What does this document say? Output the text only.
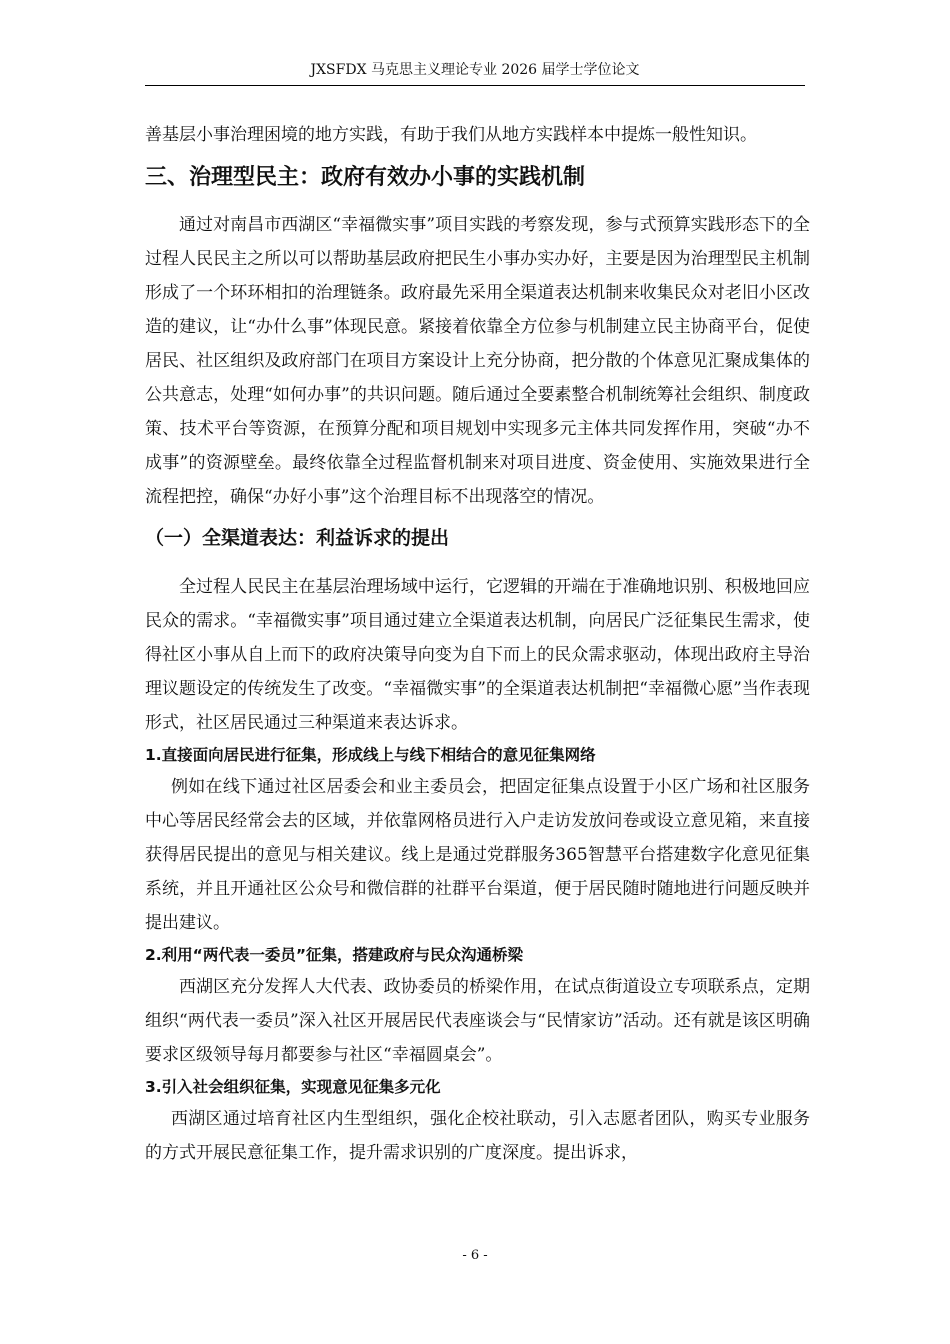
JXSFDX 马克思主义理论专业 2026 届学士学位论文

善基层小事治理困境的地方实践，有助于我们从地方实践样本中提炼一般性知识。

三、治理型民主：政府有效办小事的实践机制

通过对南昌市西湖区“幸福微实事”项目实践的考察发现，参与式预算实践形态下的全过程人民民主之所以可以帮助基层政府把民生小事办实办好，主要是因为治理型民主机制形成了一个环环相扣的治理链条。政府最先采用全渠道表达机制来收集民众对老旧小区改造的建议，让“办什么事”体现民意。紧接着依靠全方位参与机制建立民主协商平台，促使居民、社区组织及政府部门在项目方案设计上充分协商，把分散的个体意见汇聚成集体的公共意志，处理“如何办事”的共识问题。随后通过全要素整合机制统筹社会组织、制度政策、技术平台等资源，在预算分配和项目规划中实现多元主体共同发挥作用，突破“办不成事”的资源壁垒。最终依靠全过程监督机制来对项目进度、资金使用、实施效果进行全流程把控，确保“办好小事”这个治理目标不出现落空的情况。

（一）全渠道表达：利益诉求的提出

全过程人民民主在基层治理场域中运行，它逻辑的开端在于准确地识别、积极地回应民众的需求。“幸福微实事”项目通过建立全渠道表达机制，向居民广泛征集民生需求，使得社区小事从自上而下的政府决策导向变为自下而上的民众需求驱动，体现出政府主导治理议题设定的传统发生了改变。“幸福微实事”的全渠道表达机制把“幸福微心愿”当作表现形式，社区居民通过三种渠道来表达诉求。

1.直接面向居民进行征集，形成线上与线下相结合的意见征集网络

例如在线下通过社区居委会和业主委员会，把固定征集点设置于小区广场和社区服务中心等居民经常会去的区域，并依靠网格员进行入户走访发放问卷或设立意见箱，来直接获得居民提出的意见与相关建议。线上是通过党群服务365智慧平台搭建数字化意见征集系统，并且开通社区公众号和微信群的社群平台渠道，便于居民随时随地进行问题反映并提出建议。

2.利用“两代表一委员”征集，搭建政府与民众沟通桥梁

西湖区充分发挥人大代表、政协委员的桥梁作用，在试点街道设立专项联系点，定期组织“两代表一委员”深入社区开展居民代表座谈会与“民情家访”活动。还有就是该区明确要求区级领导每月都要参与社区“幸福圆桌会”。

3.引入社会组织征集，实现意见征集多元化

西湖区通过培育社区内生型组织，强化企校社联动，引入志愿者团队，购买专业服务的方式开展民意征集工作，提升需求识别的广度深度。提出诉求，

- 6 -
